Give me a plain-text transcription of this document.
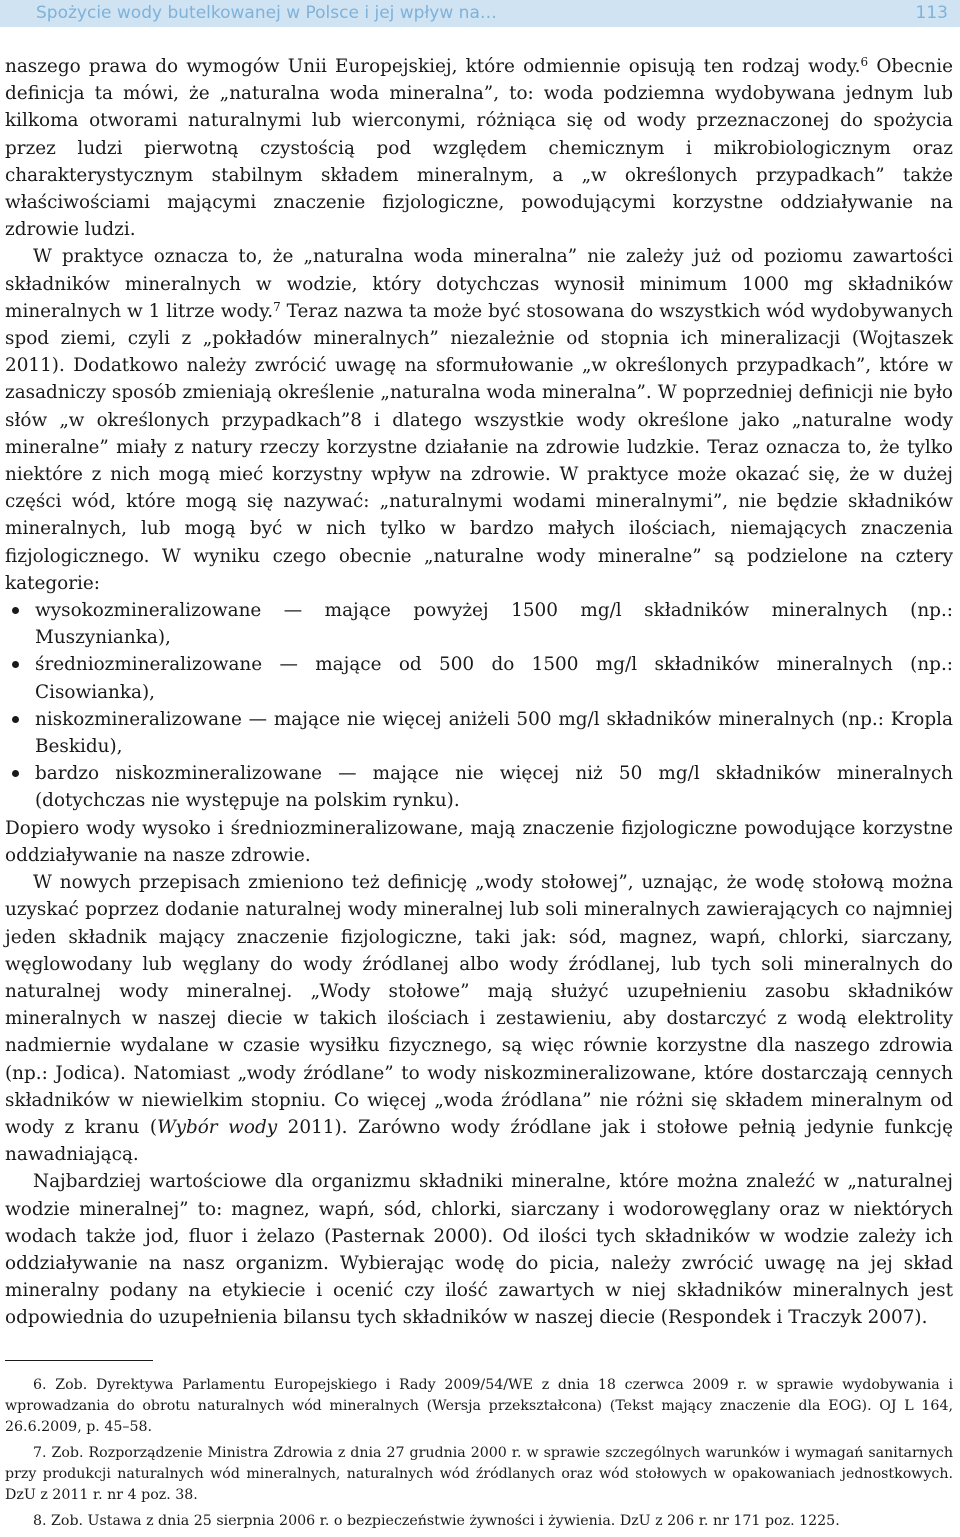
Spożycie wody butelkowanej w Polsce i jej wpływ na…	113

naszego prawa do wymogów Unii Europejskiej, które odmiennie opisują ten rodzaj wody.$^6$ Obecnie definicja ta mówi, że „naturalna woda mineralna”, to: woda podziemna wydobywana jednym lub kilkoma otworami naturalnymi lub wierconymi, różniąca się od wody przeznaczonej do spożycia przez ludzi pierwotną czystością pod względem chemicznym i mikrobiologicznym oraz charakterystycznym stabilnym składem mineralnym, a „w określonych przypadkach” także właściwościami mającymi znaczenie fizjologiczne, powodującymi korzystne oddziaływanie na zdrowie ludzi.

W praktyce oznacza to, że „naturalna woda mineralna” nie zależy już od poziomu zawartości składników mineralnych w wodzie, który dotychczas wynosił minimum 1000 mg składników mineralnych w 1 litrze wody.$^7$ Teraz nazwa ta może być stosowana do wszystkich wód wydobywanych spod ziemi, czyli z „pokładów mineralnych” niezależnie od stopnia ich mineralizacji (Wojtaszek 2011). Dodatkowo należy zwrócić uwagę na sformułowanie „w określonych przypadkach”, które w zasadniczy sposób zmieniają określenie „naturalna woda mineralna”. W poprzedniej definicji nie było słów „w określonych przypadkach”8 i dlatego wszystkie wody określone jako „naturalne wody mineralne” miały z natury rzeczy korzystne działanie na zdrowie ludzkie. Teraz oznacza to, że tylko niektóre z nich mogą mieć korzystny wpływ na zdrowie. W praktyce może okazać się, że w dużej części wód, które mogą się nazywać: „naturalnymi wodami mineralnymi”, nie będzie składników mineralnych, lub mogą być w nich tylko w bardzo małych ilościach, niemających znaczenia fizjologicznego. W wyniku czego obecnie „naturalne wody mineralne” są podzielone na cztery kategorie:

wysokozmineralizowane — mające powyżej 1500 mg/l składników mineralnych (np.: Muszynianka),
średniozmineralizowane — mające od 500 do 1500 mg/l składników mineralnych (np.: Cisowianka),
niskozmineralizowane — mające nie więcej aniżeli 500 mg/l składników mineralnych (np.: Kropla Beskidu),
bardzo niskozmineralizowane — mające nie więcej niż 50 mg/l składników mineralnych (dotychczas nie występuje na polskim rynku).

Dopiero wody wysoko i średniozmineralizowane, mają znaczenie fizjologiczne powodujące korzystne oddziaływanie na nasze zdrowie.

W nowych przepisach zmieniono też definicję „wody stołowej”, uznając, że wodę stołową można uzyskać poprzez dodanie naturalnej wody mineralnej lub soli mineralnych zawierających co najmniej jeden składnik mający znaczenie fizjologiczne, taki jak: sód, magnez, wapń, chlorki, siarczany, węglowodany lub węglany do wody źródlanej albo wody źródlanej, lub tych soli mineralnych do naturalnej wody mineralnej. „Wody stołowe” mają służyć uzupełnieniu zasobu składników mineralnych w naszej diecie w takich ilościach i zestawieniu, aby dostarczyć z wodą elektrolity nadmiernie wydalane w czasie wysiłku fizycznego, są więc równie korzystne dla naszego zdrowia (np.: Jodica). Natomiast „wody źródlane” to wody niskozmineralizowane, które dostarczają cennych składników w niewielkim stopniu. Co więcej „woda źródlana” nie różni się składem mineralnym od wody z kranu (Wybór wody 2011). Zarówno wody źródlane jak i stołowe pełnią jedynie funkcję nawadniającą.

Najbardziej wartościowe dla organizmu składniki mineralne, które można znaleźć w „naturalnej wodzie mineralnej” to: magnez, wapń, sód, chlorki, siarczany i wodorowęglany oraz w niektórych wodach także jod, fluor i żelazo (Pasternak 2000). Od ilości tych składników w wodzie zależy ich oddziaływanie na nasz organizm. Wybierając wodę do picia, należy zwrócić uwagę na jej skład mineralny podany na etykiecie i ocenić czy ilość zawartych w niej składników mineralnych jest odpowiednia do uzupełnienia bilansu tych składników w naszej diecie (Respondek i Traczyk 2007).

6. Zob. Dyrektywa Parlamentu Europejskiego i Rady 2009/54/WE z dnia 18 czerwca 2009 r. w sprawie wydobywania i wprowadzania do obrotu naturalnych wód mineralnych (Wersja przekształcona) (Tekst mający znaczenie dla EOG). OJ L 164, 26.6.2009, p. 45–58.

7. Zob. Rozporządzenie Ministra Zdrowia z dnia 27 grudnia 2000 r. w sprawie szczególnych warunków i wymagań sanitarnych przy produkcji naturalnych wód mineralnych, naturalnych wód źródlanych oraz wód stołowych w opakowaniach jednostkowych. DzU z 2011 r. nr 4 poz. 38.

8. Zob. Ustawa z dnia 25 sierpnia 2006 r. o bezpieczeństwie żywności i żywienia. DzU z 206 r. nr 171 poz. 1225.
